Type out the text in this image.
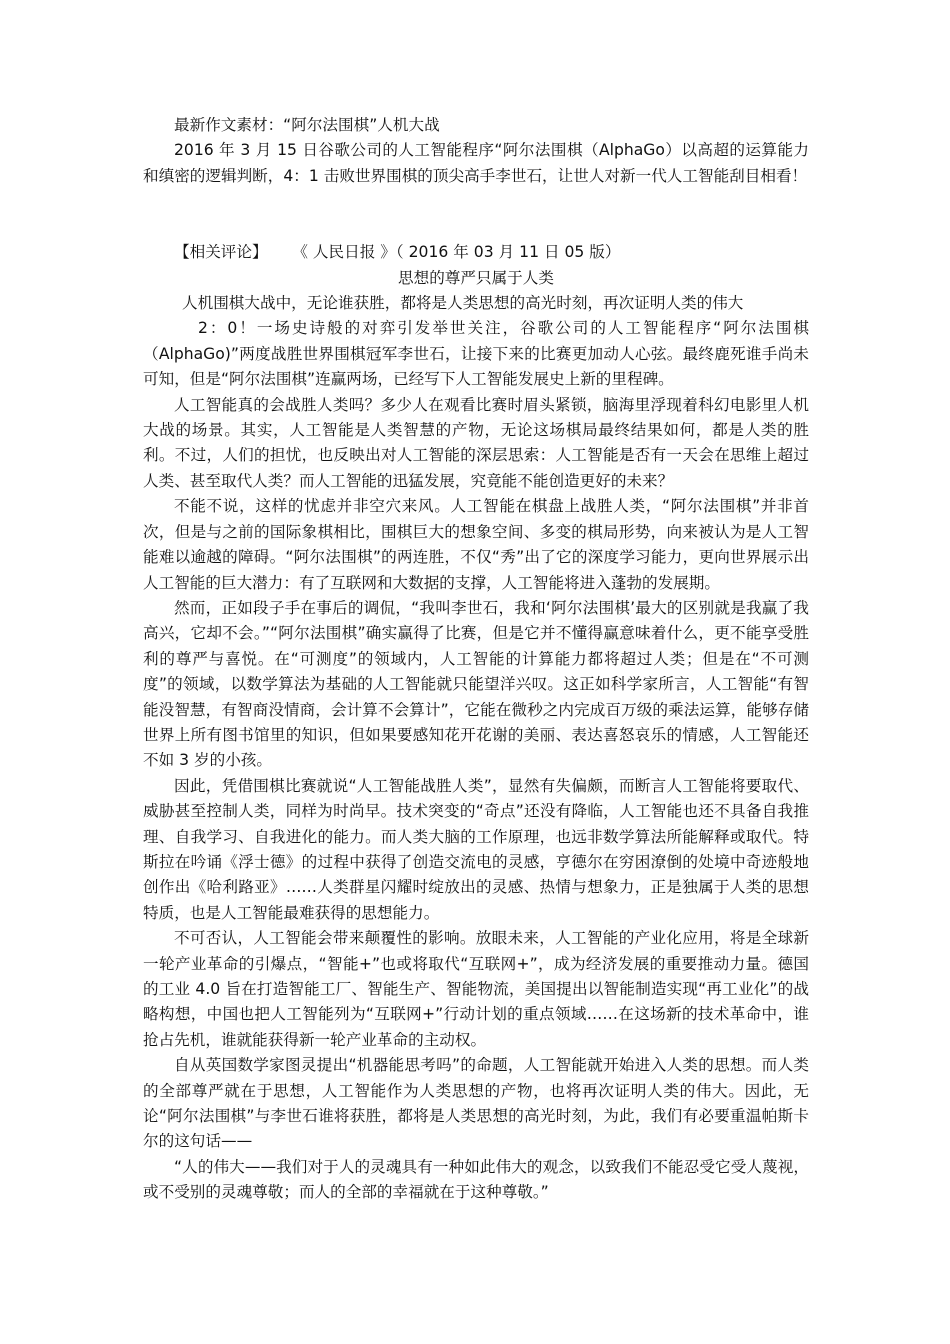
最新作文素材：“阿尔法围棋”人机大战

2016 年 3 月 15 日谷歌公司的人工智能程序“阿尔法围棋（AlphaGo）以高超的运算能力和缜密的逻辑判断，4：1 击败世界围棋的顶尖高手李世石，让世人对新一代人工智能刮目相看！

【相关评论】 《 人民日报 》（ 2016 年 03 月 11 日 05 版）

思想的尊严只属于人类

人机围棋大战中，无论谁获胜，都将是人类思想的高光时刻，再次证明人类的伟大

2：0！一场史诗般的对弈引发举世关注，谷歌公司的人工智能程序“阿尔法围棋（AlphaGo)”两度战胜世界围棋冠军李世石，让接下来的比赛更加动人心弦。最终鹿死谁手尚未可知，但是“阿尔法围棋”连赢两场，已经写下人工智能发展史上新的里程碑。

人工智能真的会战胜人类吗？多少人在观看比赛时眉头紧锁，脑海里浮现着科幻电影里人机大战的场景。其实，人工智能是人类智慧的产物，无论这场棋局最终结果如何，都是人类的胜利。不过，人们的担忧，也反映出对人工智能的深层思索：人工智能是否有一天会在思维上超过人类、甚至取代人类？而人工智能的迅猛发展，究竟能不能创造更好的未来？

不能不说，这样的忧虑并非空穴来风。人工智能在棋盘上战胜人类，“阿尔法围棋”并非首次，但是与之前的国际象棋相比，围棋巨大的想象空间、多变的棋局形势，向来被认为是人工智能难以逾越的障碍。“阿尔法围棋”的两连胜，不仅“秀”出了它的深度学习能力，更向世界展示出人工智能的巨大潜力：有了互联网和大数据的支撑，人工智能将进入蓬勃的发展期。

然而，正如段子手在事后的调侃，“我叫李世石，我和‘阿尔法围棋’最大的区别就是我赢了我高兴，它却不会。”“阿尔法围棋”确实赢得了比赛，但是它并不懂得赢意味着什么，更不能享受胜利的尊严与喜悦。在“可测度”的领域内，人工智能的计算能力都将超过人类；但是在“不可测度”的领域，以数学算法为基础的人工智能就只能望洋兴叹。这正如科学家所言，人工智能“有智能没智慧，有智商没情商，会计算不会算计”，它能在微秒之内完成百万级的乘法运算，能够存储世界上所有图书馆里的知识，但如果要感知花开花谢的美丽、表达喜怒哀乐的情感，人工智能还不如 3 岁的小孩。

因此，凭借围棋比赛就说“人工智能战胜人类”，显然有失偏颇，而断言人工智能将要取代、威胁甚至控制人类，同样为时尚早。技术突变的“奇点”还没有降临，人工智能也还不具备自我推理、自我学习、自我进化的能力。而人类大脑的工作原理，也远非数学算法所能解释或取代。特斯拉在吟诵《浮士德》的过程中获得了创造交流电的灵感，亨德尔在穷困潦倒的处境中奇迹般地创作出《哈利路亚》……人类群星闪耀时绽放出的灵感、热情与想象力，正是独属于人类的思想特质，也是人工智能最难获得的思想能力。

不可否认，人工智能会带来颠覆性的影响。放眼未来，人工智能的产业化应用，将是全球新一轮产业革命的引爆点，“智能+”也或将取代“互联网+”，成为经济发展的重要推动力量。德国的工业 4.0 旨在打造智能工厂、智能生产、智能物流，美国提出以智能制造实现“再工业化”的战略构想，中国也把人工智能列为“互联网+”行动计划的重点领域……在这场新的技术革命中，谁抢占先机，谁就能获得新一轮产业革命的主动权。

自从英国数学家图灵提出“机器能思考吗”的命题，人工智能就开始进入人类的思想。而人类的全部尊严就在于思想，人工智能作为人类思想的产物，也将再次证明人类的伟大。因此，无论“阿尔法围棋”与李世石谁将获胜，都将是人类思想的高光时刻，为此，我们有必要重温帕斯卡尔的这句话——

“人的伟大——我们对于人的灵魂具有一种如此伟大的观念，以致我们不能忍受它受人蔑视，或不受别的灵魂尊敬；而人的全部的幸福就在于这种尊敬。”
